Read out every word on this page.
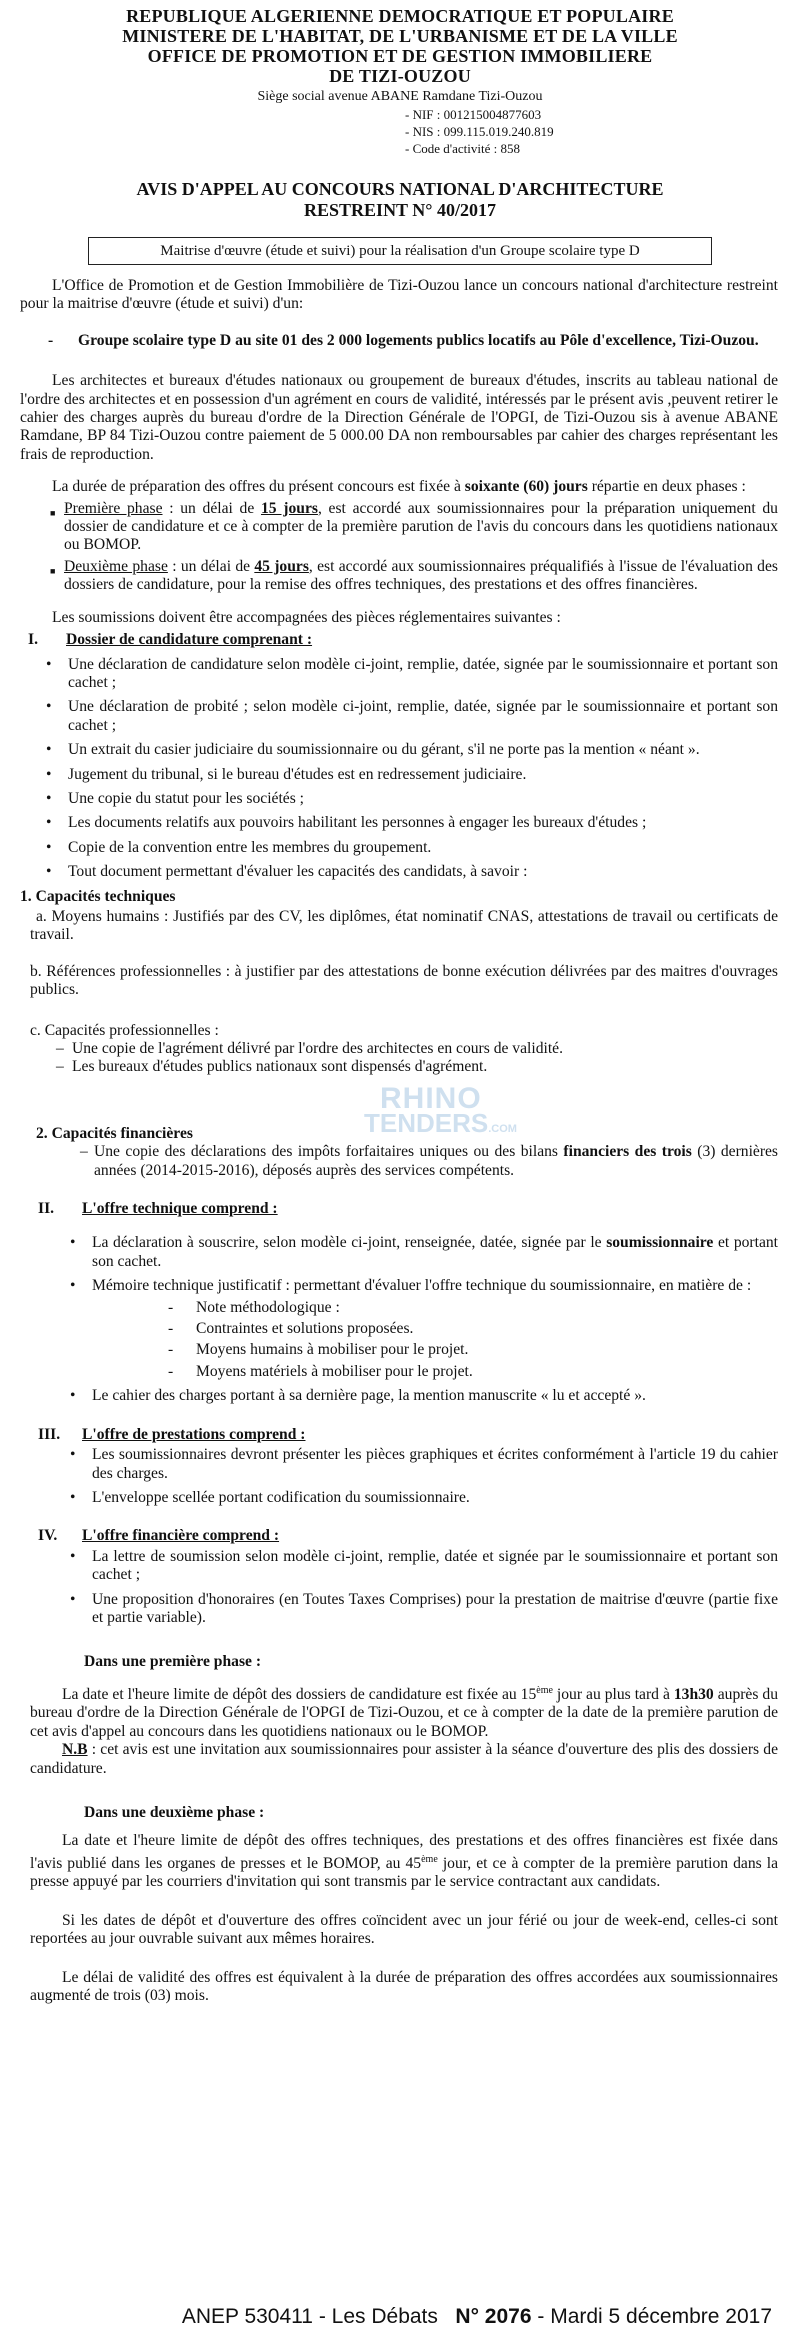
REPUBLIQUE ALGERIENNE DEMOCRATIQUE ET POPULAIRE
MINISTERE DE L'HABITAT, DE L'URBANISME ET DE LA VILLE
OFFICE DE PROMOTION ET DE GESTION IMMOBILIERE
DE TIZI-OUZOU
Siège social avenue ABANE Ramdane Tizi-Ouzou
- NIF : 001215004877603
- NIS : 099.115.019.240.819
- Code d'activité : 858
AVIS D'APPEL AU CONCOURS NATIONAL D'ARCHITECTURE
RESTREINT N° 40/2017
Maitrise d'œuvre (étude et suivi) pour la réalisation d'un Groupe scolaire type D

L'Office de Promotion et de Gestion Immobilière de Tizi-Ouzou lance un concours national d'architecture restreint pour la maitrise d'œuvre (étude et suivi) d'un:

-	Groupe scolaire type D au site 01 des 2 000 logements publics locatifs au Pôle d'excellence, Tizi-Ouzou.

Les architectes et bureaux d'études nationaux ou groupement de bureaux d'études, inscrits au tableau national de l'ordre des architectes et en possession d'un agrément en cours de validité, intéressés par le présent avis ,peuvent retirer le cahier des charges auprès du bureau d'ordre de la Direction Générale de l'OPGI, de Tizi-Ouzou sis à avenue ABANE Ramdane, BP 84 Tizi-Ouzou contre paiement de 5 000.00 DA non remboursables par cahier des charges représentant les frais de reproduction.

La durée de préparation des offres du présent concours est fixée à soixante (60) jours répartie en deux phases :

■ Première phase : un délai de 15 jours, est accordé aux soumissionnaires pour la préparation uniquement du dossier de candidature et ce à compter de la première parution de l'avis du concours dans les quotidiens nationaux ou BOMOP.
■ Deuxième phase : un délai de 45 jours, est accordé aux soumissionnaires préqualifiés à l'issue de l'évaluation des dossiers de candidature, pour la remise des offres techniques, des prestations et des offres financières.

Les soumissions doivent être accompagnées des pièces réglementaires suivantes :

I.	Dossier de candidature comprenant :
•	Une déclaration de candidature selon modèle ci-joint, remplie, datée, signée par le soumissionnaire et portant son cachet ;
•	Une déclaration de probité ; selon modèle ci-joint, remplie, datée, signée par le soumissionnaire et portant son cachet ;
•	Un extrait du casier judiciaire du soumissionnaire ou du gérant, s'il ne porte pas la mention « néant ».
•	Jugement du tribunal, si le bureau d'études est en redressement judiciaire.
•	Une copie du statut pour les sociétés ;
•	Les documents relatifs aux pouvoirs habilitant les personnes à engager les bureaux d'études ;
•	Copie de la convention entre les membres du groupement.
•	Tout document permettant d'évaluer les capacités des candidats, à savoir :
1. Capacités techniques

a. Moyens humains : Justifiés par des CV, les diplômes, état nominatif CNAS, attestations de travail ou certificats de travail.

b. Références professionnelles : à justifier par des attestations de bonne exécution délivrées par des maitres d'ouvrages publics.

c. Capacités professionnelles :

– Une copie de l'agrément délivré par l'ordre des architectes en cours de validité.
– Les bureaux d'études publics nationaux sont dispensés d'agrément.
2. Capacités financières
– Une copie des déclarations des impôts forfaitaires uniques ou des bilans financiers des trois (3) dernières années (2014-2015-2016), déposés auprès des services compétents.
II.	L'offre technique comprend :
•	La déclaration à souscrire, selon modèle ci-joint, renseignée, datée, signée par le soumissionnaire et portant son cachet.
•	Mémoire technique justificatif : permettant d'évaluer l'offre technique du soumissionnaire, en matière de :
-	Note méthodologique :
-	Contraintes et solutions proposées.
-	Moyens humains à mobiliser pour le projet.
-	Moyens matériels à mobiliser pour le projet.
•	Le cahier des charges portant à sa dernière page, la mention manuscrite « lu et accepté ».
III.	L'offre de prestations comprend :
•	Les soumissionnaires devront présenter les pièces graphiques et écrites conformément à l'article 19 du cahier des charges.
•	L'enveloppe scellée portant codification du soumissionnaire.
IV.	L'offre financière comprend :
•	La lettre de soumission selon modèle ci-joint, remplie, datée et signée par le soumissionnaire et portant son cachet ;
•	Une proposition d'honoraires (en Toutes Taxes Comprises) pour la prestation de maitrise d'œuvre (partie fixe et partie variable).
Dans une première phase :

La date et l'heure limite de dépôt des dossiers de candidature est fixée au 15ème jour au plus tard à 13h30 auprès du bureau d'ordre de la Direction Générale de l'OPGI de Tizi-Ouzou, et ce à compter de la date de la première parution de cet avis d'appel au concours dans les quotidiens nationaux ou le BOMOP.

N.B : cet avis est une invitation aux soumissionnaires pour assister à la séance d'ouverture des plis des dossiers de candidature.

Dans une deuxième phase :

La date et l'heure limite de dépôt des offres techniques, des prestations et des offres financières est fixée dans l'avis publié dans les organes de presses et le BOMOP, au 45ème jour, et ce à compter de la première parution dans la presse appuyé par les courriers d'invitation qui sont transmis par le service contractant aux candidats.

Si les dates de dépôt et d'ouverture des offres coïncident avec un jour férié ou jour de week-end, celles-ci sont reportées au jour ouvrable suivant aux mêmes horaires.

Le délai de validité des offres est équivalent à la durée de préparation des offres accordées aux soumissionnaires augmenté de trois (03) mois.

RHINO
TENDERS.COM
ANEP 530411 - Les Débats N° 2076 - Mardi 5 décembre 2017
